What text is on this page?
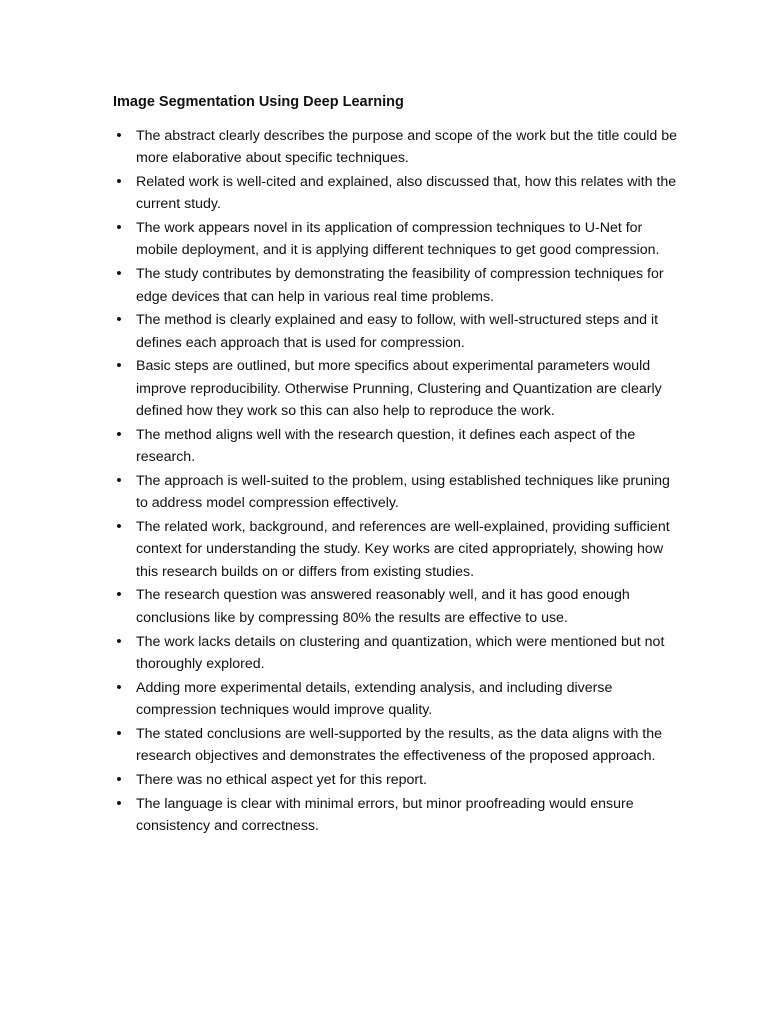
Image Segmentation Using Deep Learning
• The abstract clearly describes the purpose and scope of the work but the title could be more elaborative about specific techniques.
• Related work is well-cited and explained, also discussed that, how this relates with the current study.
• The work appears novel in its application of compression techniques to U-Net for mobile deployment, and it is applying different techniques to get good compression.
• The study contributes by demonstrating the feasibility of compression techniques for edge devices that can help in various real time problems.
• The method is clearly explained and easy to follow, with well-structured steps and it defines each approach that is used for compression.
• Basic steps are outlined, but more specifics about experimental parameters would improve reproducibility. Otherwise Prunning, Clustering and Quantization are clearly defined how they work so this can also help to reproduce the work.
• The method aligns well with the research question, it defines each aspect of the research.
• The approach is well-suited to the problem, using established techniques like pruning to address model compression effectively.
• The related work, background, and references are well-explained, providing sufficient context for understanding the study. Key works are cited appropriately, showing how this research builds on or differs from existing studies.
• The research question was answered reasonably well, and it has good enough conclusions like by compressing 80% the results are effective to use.
• The work lacks details on clustering and quantization, which were mentioned but not thoroughly explored.
• Adding more experimental details, extending analysis, and including diverse compression techniques would improve quality.
• The stated conclusions are well-supported by the results, as the data aligns with the research objectives and demonstrates the effectiveness of the proposed approach.
• There was no ethical aspect yet for this report.
• The language is clear with minimal errors, but minor proofreading would ensure consistency and correctness.
